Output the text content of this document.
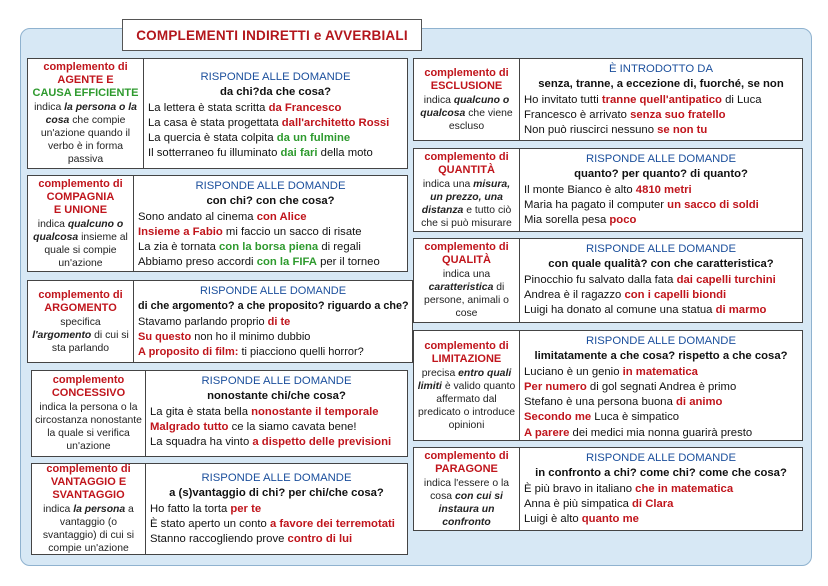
COMPLEMENTI INDIRETTI e AVVERBIALI
complemento di
AGENTE E
CAUSA EFFICIENTE
indica la persona o la cosa che compie un'azione quando il verbo è in forma passiva
RISPONDE ALLE DOMANDE
da chi?da che cosa?
La lettera è stata scritta da Francesco
La casa è stata progettata dall'architetto Rossi
La quercia è stata colpita da un fulmine
Il sotterraneo fu illuminato dai fari della moto
complemento di
COMPAGNIA
E UNIONE
indica qualcuno o qualcosa insieme al quale si compie un'azione
RISPONDE ALLE DOMANDE
con chi? con che cosa?
Sono andato al cinema con Alice
Insieme a Fabio mi faccio un sacco di risate
La zia è tornata con la borsa piena di regali
Abbiamo preso accordi con la FIFA per il torneo
complemento di
ARGOMENTO
specifica l'argomento di cui si sta parlando
RISPONDE ALLE DOMANDE
di che argomento? a che proposito? riguardo a che?
Stavamo parlando proprio di te
Su questo non ho il minimo dubbio
A proposito di film: ti piacciono quelli horror?
complemento
CONCESSIVO
indica la persona o la circostanza nonostante la quale si verifica un'azione
RISPONDE ALLE DOMANDE
nonostante chi/che cosa?
La gita è stata bella nonostante il temporale
Malgrado tutto ce la siamo cavata bene!
La squadra ha vinto a dispetto delle previsioni
complemento di
VANTAGGIO E
SVANTAGGIO
indica la persona a vantaggio (o svantaggio) di cui si compie un'azione
RISPONDE ALLE DOMANDE
a (s)vantaggio di chi? per chi/che cosa?
Ho fatto la torta per te
È stato aperto un conto a favore dei terremotati
Stanno raccogliendo prove contro di lui
complemento di
ESCLUSIONE
indica qualcuno o qualcosa che viene escluso
È INTRODOTTO DA
senza, tranne, a eccezione di, fuorché, se non
Ho invitato tutti tranne quell'antipatico di Luca
Francesco è arrivato senza suo fratello
Non può riuscirci nessuno se non tu
complemento di
QUANTITÀ
indica una misura, un prezzo, una distanza e tutto ciò che si può misurare
RISPONDE ALLE DOMANDE
quanto? per quanto? di quanto?
Il monte Bianco è alto 4810 metri
Maria ha pagato il computer un sacco di soldi
Mia sorella pesa poco
complemento di
QUALITÀ
indica una caratteristica di persone, animali o cose
RISPONDE ALLE DOMANDE
con quale qualità? con che caratteristica?
Pinocchio fu salvato dalla fata dai capelli turchini
Andrea è il ragazzo con i capelli biondi
Luigi ha donato al comune una statua di marmo
complemento di
LIMITAZIONE
precisa entro quali limiti è valido quanto affermato dal predicato o introduce opinioni
RISPONDE ALLE DOMANDE
limitatamente a che cosa? rispetto a che cosa?
Luciano è un genio in matematica
Per numero di gol segnati Andrea è primo
Stefano è una persona buona di animo
Secondo me Luca è simpatico
A parere dei medici mia nonna guarirà presto
complemento di
PARAGONE
indica l'essere o la cosa con cui si instaura un confronto
RISPONDE ALLE DOMANDE
in confronto a chi? come chi? come che cosa?
È più bravo in italiano che in matematica
Anna è più simpatica di Clara
Luigi è alto quanto me
